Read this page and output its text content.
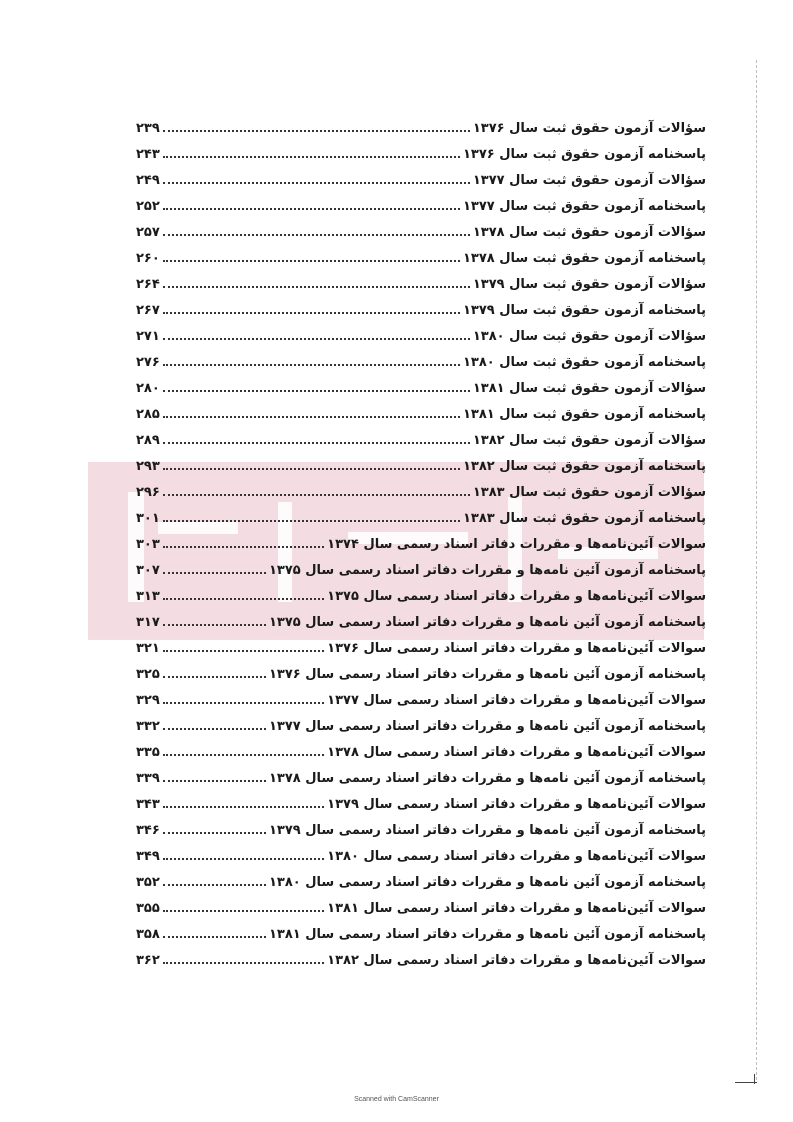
سؤالات آزمون حقوق ثبت سال ۱۳۷۶
۲۳۹
پاسخنامه آزمون حقوق ثبت سال ۱۳۷۶
۲۴۳
سؤالات آزمون حقوق ثبت سال ۱۳۷۷
۲۴۹
پاسخنامه آزمون حقوق ثبت سال ۱۳۷۷
۲۵۲
سؤالات آزمون حقوق ثبت سال ۱۳۷۸
۲۵۷
پاسخنامه آزمون حقوق ثبت سال ۱۳۷۸
۲۶۰
سؤالات آزمون حقوق ثبت سال ۱۳۷۹
۲۶۴
پاسخنامه آزمون حقوق ثبت سال ۱۳۷۹
۲۶۷
سؤالات آزمون حقوق ثبت سال ۱۳۸۰
۲۷۱
پاسخنامه آزمون حقوق ثبت سال ۱۳۸۰
۲۷۶
سؤالات آزمون حقوق ثبت سال ۱۳۸۱
۲۸۰
پاسخنامه آزمون حقوق ثبت سال ۱۳۸۱
۲۸۵
سؤالات آزمون حقوق ثبت سال ۱۳۸۲
۲۸۹
پاسخنامه آزمون حقوق ثبت سال ۱۳۸۲
۲۹۳
سؤالات آزمون حقوق ثبت سال ۱۳۸۳
۲۹۶
پاسخنامه آزمون حقوق ثبت سال ۱۳۸۳
۳۰۱
سوالات آئین‌نامه‌ها و مقررات دفاتر اسناد رسمی سال ۱۳۷۴
۳۰۳
پاسخنامه آزمون آئین نامه‌ها و مقررات دفاتر اسناد رسمی سال ۱۳۷۵
۳۰۷
سوالات آئین‌نامه‌ها و مقررات دفاتر اسناد رسمی سال ۱۳۷۵
۳۱۳
پاسخنامه آزمون آئین نامه‌ها و مقررات دفاتر اسناد رسمی سال ۱۳۷۵
۳۱۷
سوالات آئین‌نامه‌ها و مقررات دفاتر اسناد رسمی سال ۱۳۷۶
۳۲۱
پاسخنامه آزمون آئین نامه‌ها و مقررات دفاتر اسناد رسمی سال ۱۳۷۶
۳۲۵
سوالات آئین‌نامه‌ها و مقررات دفاتر اسناد رسمی سال ۱۳۷۷
۳۲۹
پاسخنامه آزمون آئین نامه‌ها و مقررات دفاتر اسناد رسمی سال ۱۳۷۷
۳۳۲
سوالات آئین‌نامه‌ها و مقررات دفاتر اسناد رسمی سال ۱۳۷۸
۳۳۵
پاسخنامه آزمون آئین نامه‌ها و مقررات دفاتر اسناد رسمی سال ۱۳۷۸
۳۳۹
سوالات آئین‌نامه‌ها و مقررات دفاتر اسناد رسمی سال ۱۳۷۹
۳۴۳
پاسخنامه آزمون آئین نامه‌ها و مقررات دفاتر اسناد رسمی سال ۱۳۷۹
۳۴۶
سوالات آئین‌نامه‌ها و مقررات دفاتر اسناد رسمی سال ۱۳۸۰
۳۴۹
پاسخنامه آزمون آئین نامه‌ها و مقررات دفاتر اسناد رسمی سال ۱۳۸۰
۳۵۲
سوالات آئین‌نامه‌ها و مقررات دفاتر اسناد رسمی سال ۱۳۸۱
۳۵۵
پاسخنامه آزمون آئین نامه‌ها و مقررات دفاتر اسناد رسمی سال ۱۳۸۱
۳۵۸
سوالات آئین‌نامه‌ها و مقررات دفاتر اسناد رسمی سال ۱۳۸۲
۳۶۲
Scanned with CamScanner
